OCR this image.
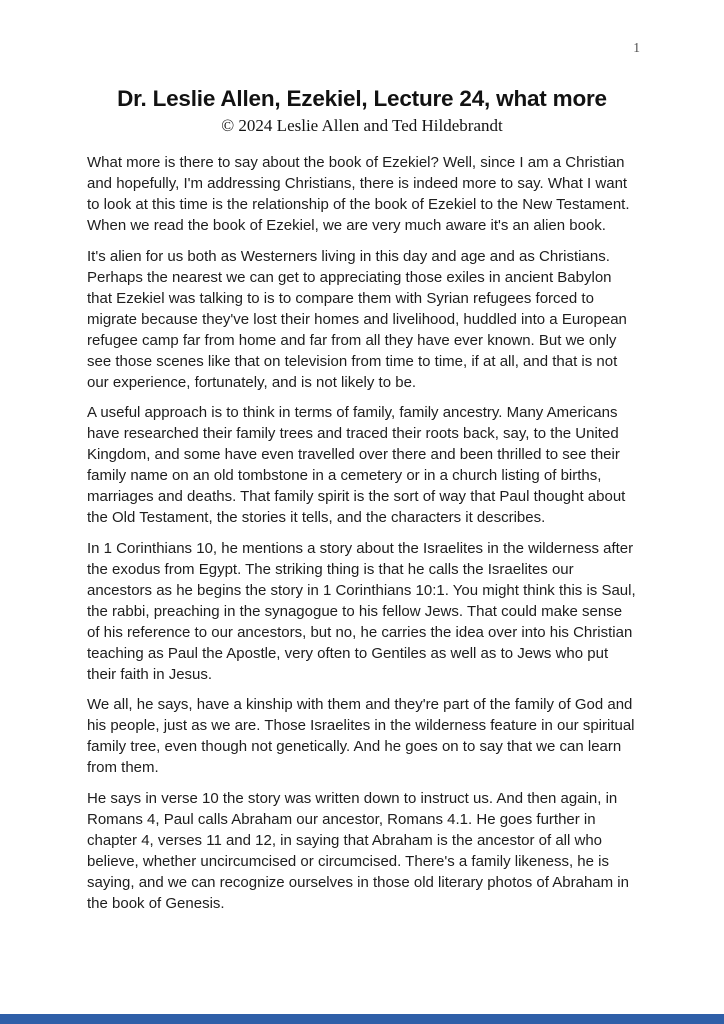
1
Dr. Leslie Allen, Ezekiel, Lecture 24, what more
© 2024 Leslie Allen and Ted Hildebrandt

What more is there to say about the book of Ezekiel? Well, since I am a Christian and hopefully, I'm addressing Christians, there is indeed more to say. What I want to look at this time is the relationship of the book of Ezekiel to the New Testament. When we read the book of Ezekiel, we are very much aware it's an alien book.

It's alien for us both as Westerners living in this day and age and as Christians. Perhaps the nearest we can get to appreciating those exiles in ancient Babylon that Ezekiel was talking to is to compare them with Syrian refugees forced to migrate because they've lost their homes and livelihood, huddled into a European refugee camp far from home and far from all they have ever known. But we only see those scenes like that on television from time to time, if at all, and that is not our experience, fortunately, and is not likely to be.

A useful approach is to think in terms of family, family ancestry. Many Americans have researched their family trees and traced their roots back, say, to the United Kingdom, and some have even travelled over there and been thrilled to see their family name on an old tombstone in a cemetery or in a church listing of births, marriages and deaths. That family spirit is the sort of way that Paul thought about the Old Testament, the stories it tells, and the characters it describes.

In 1 Corinthians 10, he mentions a story about the Israelites in the wilderness after the exodus from Egypt. The striking thing is that he calls the Israelites our ancestors as he begins the story in 1 Corinthians 10:1. You might think this is Saul, the rabbi, preaching in the synagogue to his fellow Jews. That could make sense of his reference to our ancestors, but no, he carries the idea over into his Christian teaching as Paul the Apostle, very often to Gentiles as well as to Jews who put their faith in Jesus.

We all, he says, have a kinship with them and they're part of the family of God and his people, just as we are. Those Israelites in the wilderness feature in our spiritual family tree, even though not genetically. And he goes on to say that we can learn from them.

He says in verse 10 the story was written down to instruct us. And then again, in Romans 4, Paul calls Abraham our ancestor, Romans 4.1. He goes further in chapter 4, verses 11 and 12, in saying that Abraham is the ancestor of all who believe, whether uncircumcised or circumcised. There's a family likeness, he is saying, and we can recognize ourselves in those old literary photos of Abraham in the book of Genesis.
